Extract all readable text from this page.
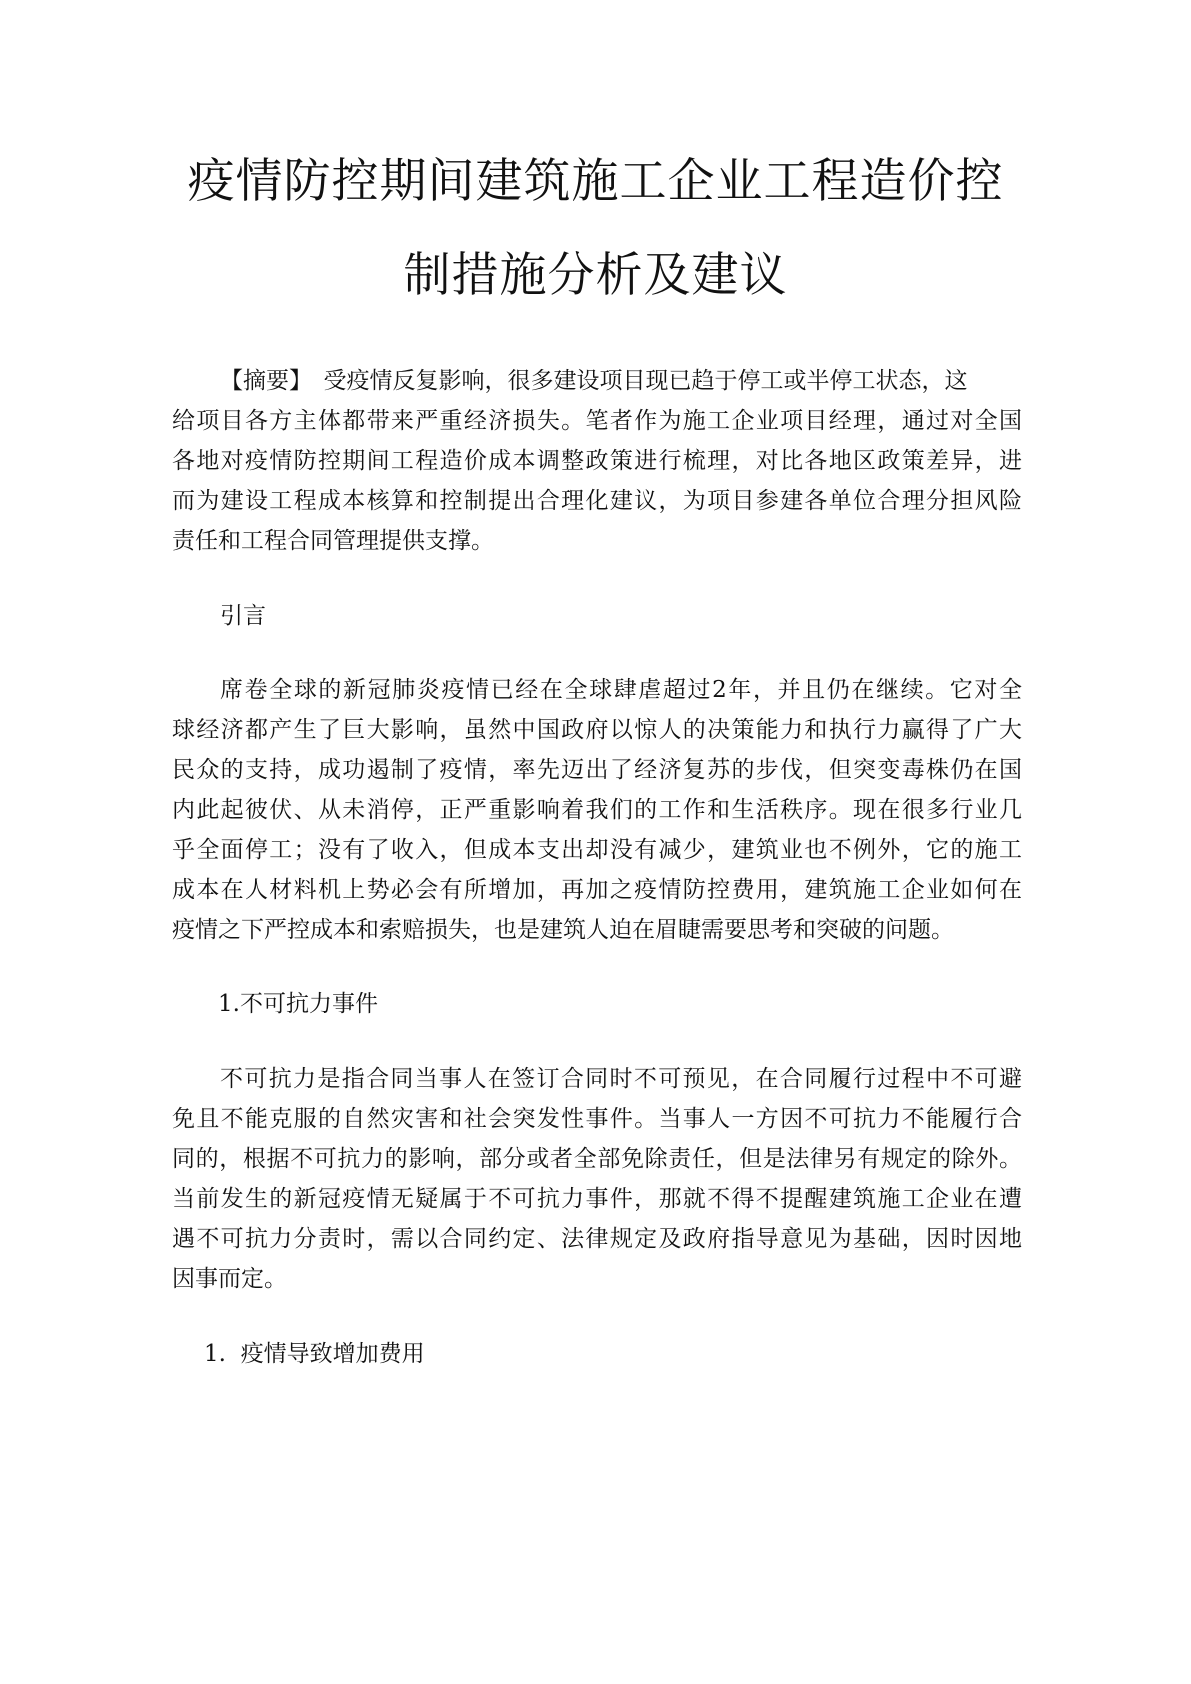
疫情防控期间建筑施工企业工程造价控
制措施分析及建议
【摘要】  受疫情反复影响，很多建设项目现已趋于停工或半停工状态，这

给项目各方主体都带来严重经济损失。笔者作为施工企业项目经理，通过对全国

各地对疫情防控期间工程造价成本调整政策进行梳理，对比各地区政策差异，进

而为建设工程成本核算和控制提出合理化建议，为项目参建各单位合理分担风险

责任和工程合同管理提供支撑。

引言

席卷全球的新冠肺炎疫情已经在全球肆虐超过2年，并且仍在继续。它对全

球经济都产生了巨大影响，虽然中国政府以惊人的决策能力和执行力赢得了广大

民众的支持，成功遏制了疫情，率先迈出了经济复苏的步伐，但突变毒株仍在国

内此起彼伏、从未消停，正严重影响着我们的工作和生活秩序。现在很多行业几

乎全面停工；没有了收入，但成本支出却没有减少，建筑业也不例外，它的施工

成本在人材料机上势必会有所增加，再加之疫情防控费用，建筑施工企业如何在

疫情之下严控成本和索赔损失，也是建筑人迫在眉睫需要思考和突破的问题。

1.不可抗力事件

不可抗力是指合同当事人在签订合同时不可预见，在合同履行过程中不可避

免且不能克服的自然灾害和社会突发性事件。当事人一方因不可抗力不能履行合

同的，根据不可抗力的影响，部分或者全部免除责任，但是法律另有规定的除外。

当前发生的新冠疫情无疑属于不可抗力事件，那就不得不提醒建筑施工企业在遭

遇不可抗力分责时，需以合同约定、法律规定及政府指导意见为基础，因时因地

因事而定。

1.  疫情导致增加费用
